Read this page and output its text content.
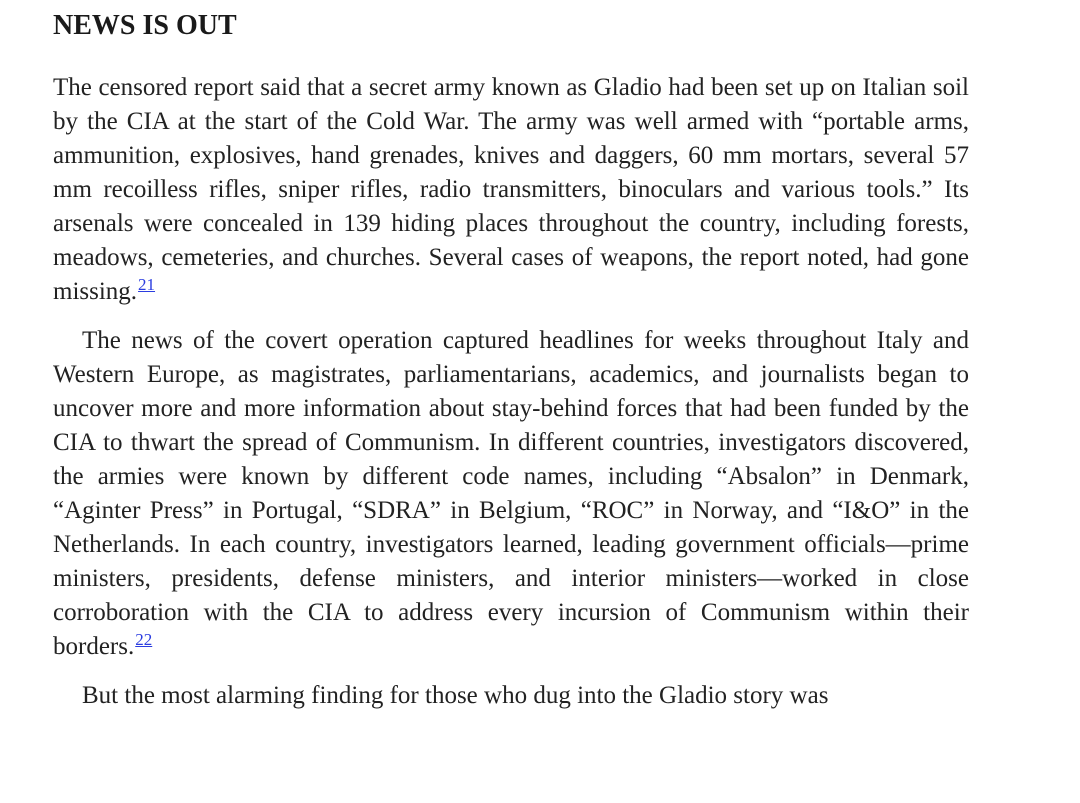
NEWS IS OUT

The censored report said that a secret army known as Gladio had been set up on Italian soil by the CIA at the start of the Cold War. The army was well armed with “portable arms, ammunition, explosives, hand grenades, knives and daggers, 60 mm mortars, several 57 mm recoilless rifles, sniper rifles, radio transmitters, binoculars and various tools.” Its arsenals were concealed in 139 hiding places throughout the country, including forests, meadows, cemeteries, and churches. Several cases of weapons, the report noted, had gone missing.$^{21}$

The news of the covert operation captured headlines for weeks throughout Italy and Western Europe, as magistrates, parliamentarians, academics, and journalists began to uncover more and more information about stay-behind forces that had been funded by the CIA to thwart the spread of Communism. In different countries, investigators discovered, the armies were known by different code names, including “Absalon” in Denmark, “Aginter Press” in Portugal, “SDRA” in Belgium, “ROC” in Norway, and “I&O” in the Netherlands. In each country, investigators learned, leading government officials—prime ministers, presidents, defense ministers, and interior ministers—worked in close corroboration with the CIA to address every incursion of Communism within their borders.$^{22}$

But the most alarming finding for those who dug into the Gladio story was
